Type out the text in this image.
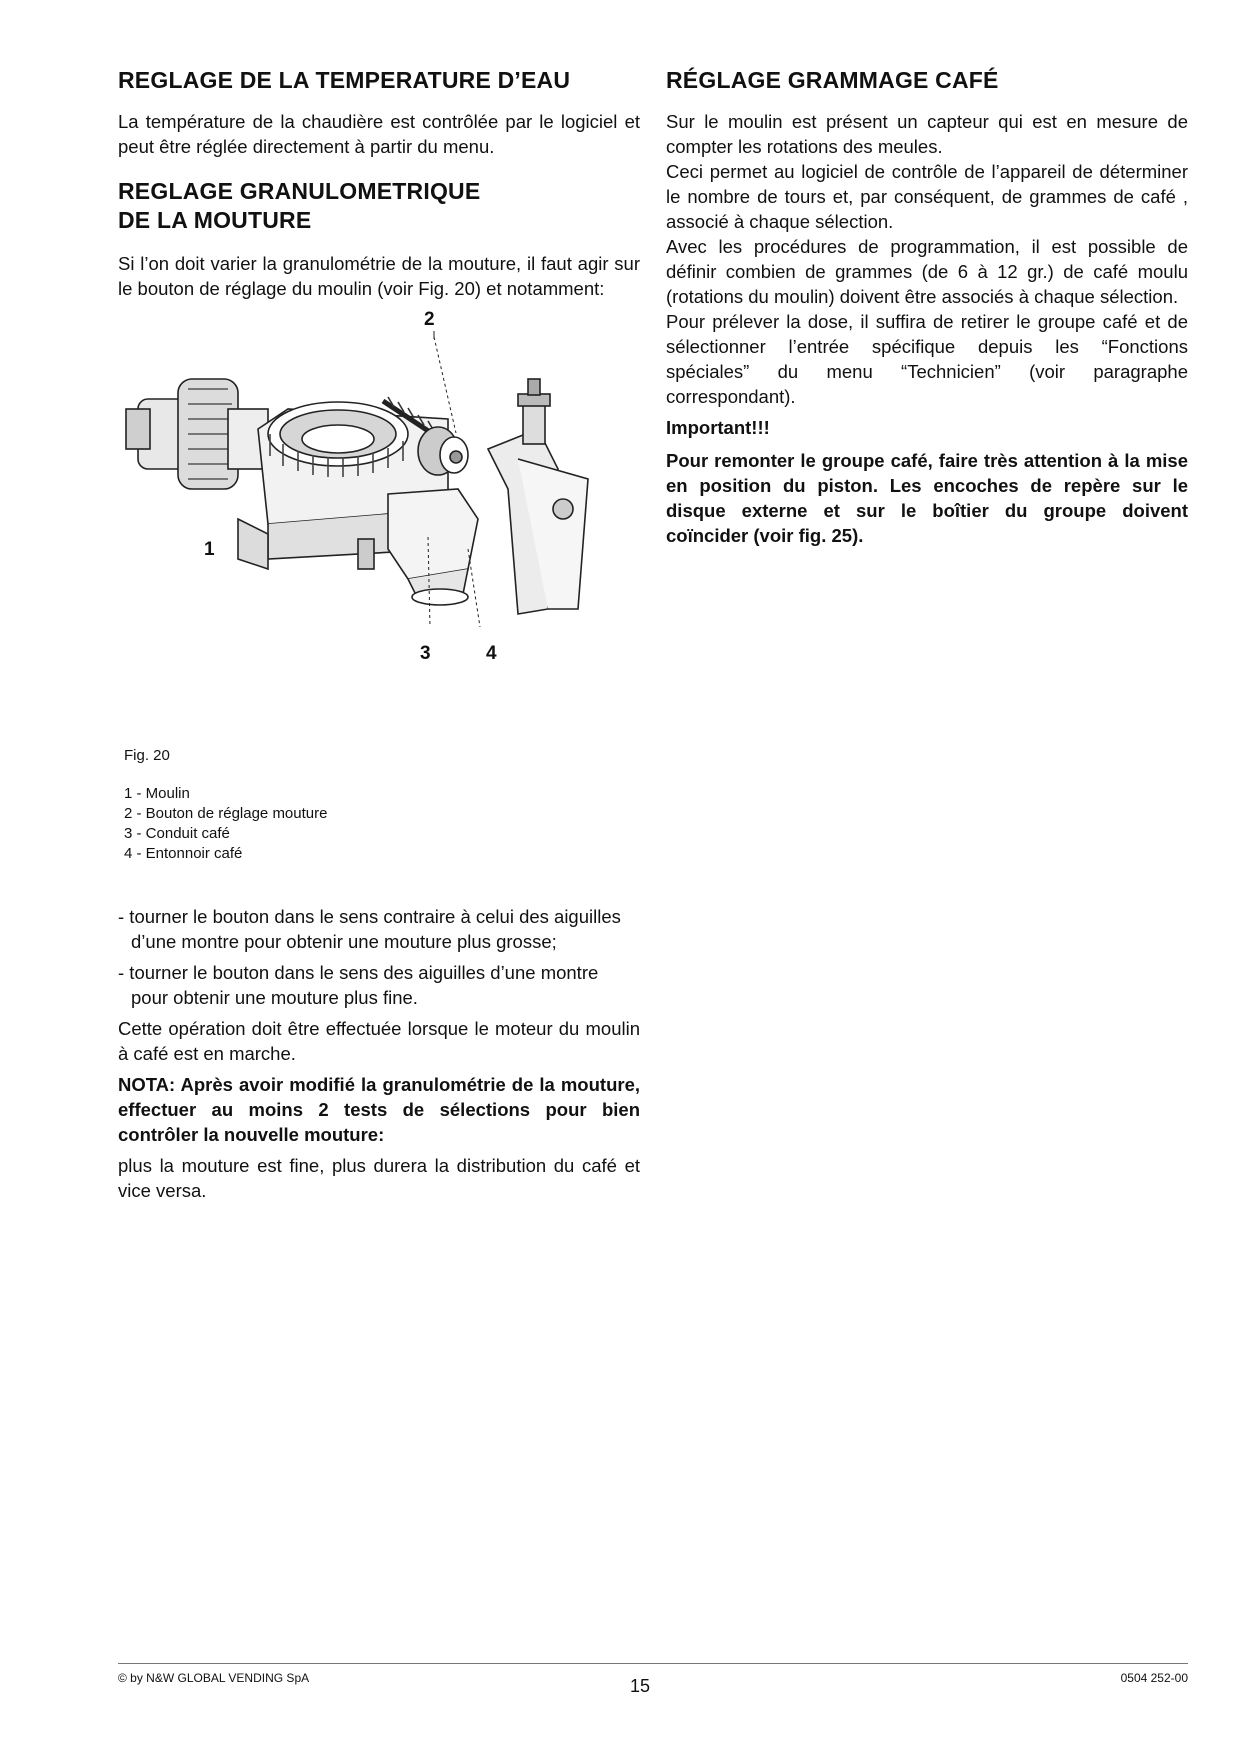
REGLAGE DE LA TEMPERATURE D’EAU

La température de la chaudière est contrôlée par le logiciel et peut être réglée directement à partir du menu.

REGLAGE GRANULOMETRIQUE
DE LA MOUTURE

Si l’on doit varier la granulométrie de la mouture, il faut agir sur le bouton de réglage du moulin (voir Fig. 20) et notamment:

1
2
3	4
Fig. 20
1 - Moulin
2 - Bouton de réglage mouture
3 - Conduit café
4 - Entonnoir café

- tourner le bouton dans le sens contraire à celui des aiguilles d’une montre pour obtenir une mouture plus grosse;

- tourner le bouton dans le sens des aiguilles d’une montre pour obtenir une mouture plus fine.

Cette opération doit être effectuée lorsque le moteur du moulin à café est en marche.

NOTA: Après avoir modifié la granulométrie de la mouture, effectuer au moins 2 tests de sélections pour bien contrôler la nouvelle mouture:

plus la mouture est fine, plus durera la distribution du café et vice versa.

RÉGLAGE GRAMMAGE CAFÉ

Sur le moulin est présent un capteur qui est en mesure de compter les rotations des meules.

Ceci permet au logiciel de contrôle de l’appareil de déterminer le nombre de tours et, par conséquent, de grammes de café , associé à chaque sélection.

Avec les procédures de programmation, il est possible de définir combien de grammes (de 6 à 12 gr.) de café moulu (rotations du moulin) doivent être associés à chaque sélection.

Pour prélever la dose, il suffira de retirer le groupe café et de sélectionner l’entrée spécifique depuis les “Fonctions spéciales” du menu “Technicien” (voir paragraphe correspondant).

Important!!!

Pour remonter le groupe café, faire très attention à la mise en position du piston. Les encoches de repère sur le disque externe et sur le boîtier du groupe doivent coïncider (voir fig. 25).

© by N&W GLOBAL VENDING SpA	15	0504 252-00
